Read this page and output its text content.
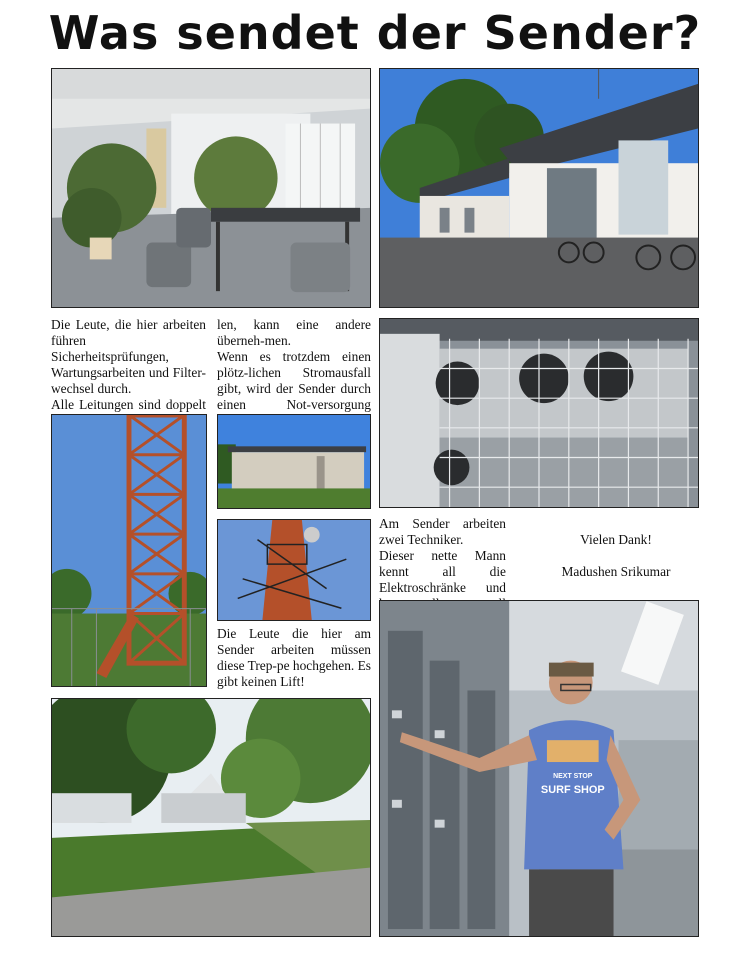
Was sendet der Sender?

Die Leute, die hier arbeiten führen Sicherheitsprüfungen, Wartungsarbeiten und Filter-wechsel durch.

Alle Leitungen sind doppelt

len, kann eine andere überneh-men.

Wenn es trotzdem einen plötz-lichen Stromausfall gibt, wird der Sender durch einen Not-versorgung

Die Leute die hier am Sender arbeiten müssen diese Trep-pe hochgehen. Es gibt keinen Lift!

Am Sender arbeiten zwei Techniker.

Dieser nette Mann kennt all die Elektroschränke und

Vielen Dank!
Madushen Srikumar
NEXT STOP
SURF SHOP
